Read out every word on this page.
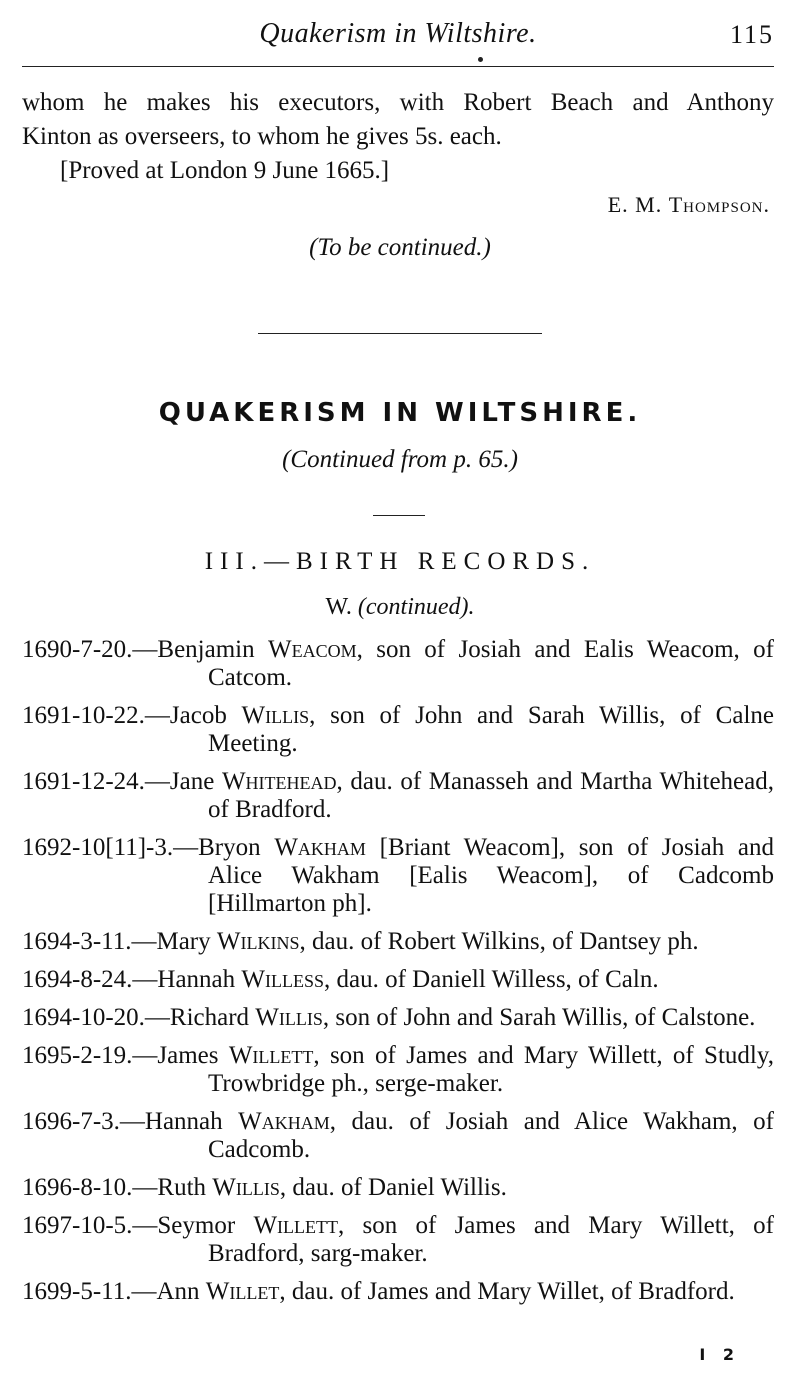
Quakerism in Wiltshire.	115
whom he makes his executors, with Robert Beach and Anthony
Kinton as overseers, to whom he gives 5s. each.
[Proved at London 9 June 1665.]
E. M. Thompson.
(To be continued.)
QUAKERISM IN WILTSHIRE.
(Continued from p. 65.)
III.—BIRTH RECORDS.
W. (continued).
1690-7-20.—Benjamin Weacom, son of Josiah and Ealis Weacom, of Catcom.
1691-10-22.—Jacob Willis, son of John and Sarah Willis, of Calne Meeting.
1691-12-24.—Jane Whitehead, dau. of Manasseh and Martha Whitehead, of Bradford.
1692-10[11]-3.—Bryon Wakham [Briant Weacom], son of Josiah and Alice Wakham [Ealis Weacom], of Cadcomb [Hillmarton ph].
1694-3-11.—Mary Wilkins, dau. of Robert Wilkins, of Dantsey ph.
1694-8-24.—Hannah Willess, dau. of Daniell Willess, of Caln.
1694-10-20.—Richard Willis, son of John and Sarah Willis, of Calstone.
1695-2-19.—James Willett, son of James and Mary Willett, of Studly, Trowbridge ph., serge-maker.
1696-7-3.—Hannah Wakham, dau. of Josiah and Alice Wakham, of Cadcomb.
1696-8-10.—Ruth Willis, dau. of Daniel Willis.
1697-10-5.—Seymor Willett, son of James and Mary Willett, of Bradford, sarg-maker.
1699-5-11.—Ann Willet, dau. of James and Mary Willet, of Bradford.
I 2
